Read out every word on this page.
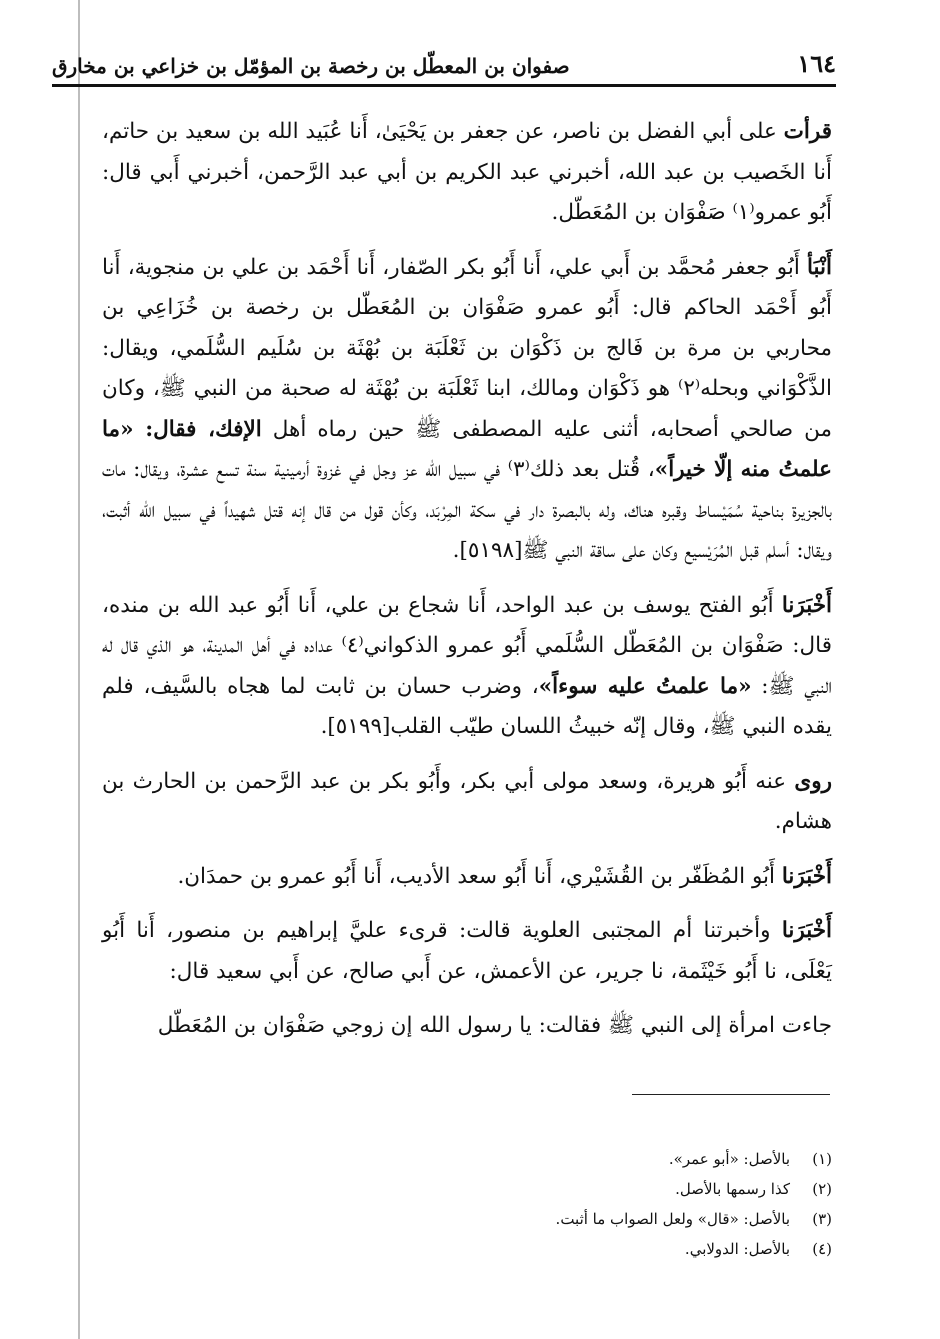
١٦٤
صفوان بن المعطّل بن رخصة بن المؤمّل بن خزاعي بن مخارق

قرأت على أبي الفضل بن ناصر، عن جعفر بن يَحْيَىٰ، أَنا عُبَيد الله بن سعيد بن حاتم، أَنا الخَصيب بن عبد الله، أخبرني عبد الكريم بن أبي عبد الرَّحمن، أخبرني أَبي قال: أَبُو عمرو⁽١⁾ صَفْوَان بن المُعَطّل.

أَنْبَأ أَبُو جعفر مُحمَّد بن أَبي علي، أَنا أَبُو بكر الصّفار، أَنا أَحْمَد بن علي بن منجوية، أَنا أَبُو أَحْمَد الحاكم قال: أَبُو عمرو صَفْوَان بن المُعَطّل بن رخصة بن خُزَاعِي بن محاربي بن مرة بن فَالج بن ذَكْوَان بن ثَعْلَبَة بن بُهْثَة بن سُلَيم السُّلَمي، ويقال: الذَّكْوَاني وبحله⁽٢⁾ هو ذَكْوَان ومالك، ابنا ثَعْلَبَة بن بُهْثَة له صحبة من النبي ﷺ، وكان من صالحي أصحابه، أثنى عليه المصطفى ﷺ حين رماه أهل الإفك، فقال: «ما علمتُ منه إلّا خيراً»، قُتل بعد ذلك⁽٣⁾ في سبيل الله عز وجل في غزوة أرمينية سنة تسع عشرة، ويقال: مات بالجزيرة بناحية سُمَيْساط وقبره هناك، وله بالبصرة دار في سكة المِرْبَد، وكأن قول من قال إنه قتل شهيداً في سبيل الله أثبت، ويقال: أسلم قبل المُرَيْسيع وكان على ساقة النبي ﷺ[٥١٩٨].

أَخْبَرَنا أَبُو الفتح يوسف بن عبد الواحد، أَنا شجاع بن علي، أَنا أَبُو عبد الله بن منده، قال: صَفْوَان بن المُعَطّل السُّلَمي أَبُو عمرو الذكواني⁽٤⁾ عداده في أهل المدينة، هو الذي قال له النبي ﷺ: «ما علمتُ عليه سوءاً»، وضرب حسان بن ثابت لما هجاه بالسَّيف، فلم يقده النبي ﷺ، وقال إنّه خبيثُ اللسان طيّب القلب[٥١٩٩].

روى عنه أَبُو هريرة، وسعد مولى أبي بكر، وأَبُو بكر بن عبد الرَّحمن بن الحارث بن هشام.

أَخْبَرَنا أَبُو المُظَفّر بن القُشَيْري، أَنا أَبُو سعد الأديب، أَنا أَبُو عمرو بن حمدَان.

أَخْبَرَنا وأخبرتنا أم المجتبى العلوية قالت: قرىء عليَّ إبراهيم بن منصور، أَنا أَبُو يَعْلَى، نا أَبُو خَيْثَمة، نا جرير، عن الأعمش، عن أَبي صالح، عن أَبي سعيد قال:

جاءت امرأة إلى النبي ﷺ فقالت: يا رسول الله إن زوجي صَفْوَان بن المُعَطّل

(١)
بالأصل: «أبو عمر».
(٢)
كذا رسمها بالأصل.
(٣)
بالأصل: «قال» ولعل الصواب ما أثبت.
(٤)
بالأصل: الدولابي.
